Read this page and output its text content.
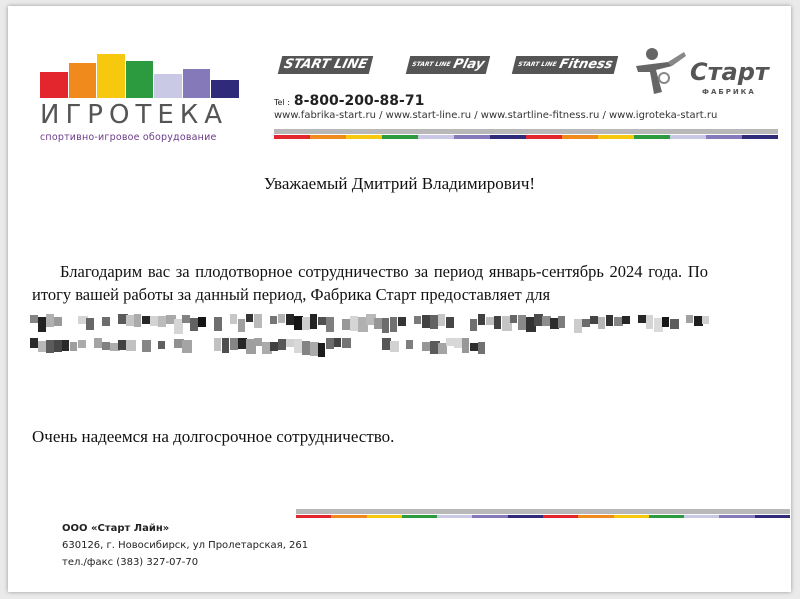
ИГРОТЕКА
спортивно-игровое оборудование
START LINE	START LINEPlay	START LINEFitness	Старт
ФАБРИКА
Tel : 8-800-200-88-71
www.fabrika-start.ru / www.start-line.ru / www.startline-fitness.ru / www.igroteka-start.ru
Уважаемый Дмитрий Владимирович!
Благодарим вас за плодотворное сотрудничество за период январь-сентябрь 2024 года. По итогу вашей работы за данный период, Фабрика Старт предоставляет для
Очень надеемся на долгосрочное сотрудничество.
ООО «Старт Лайн»
630126, г. Новосибирск, ул Пролетарская, 261
тел./факс (383) 327-07-70
